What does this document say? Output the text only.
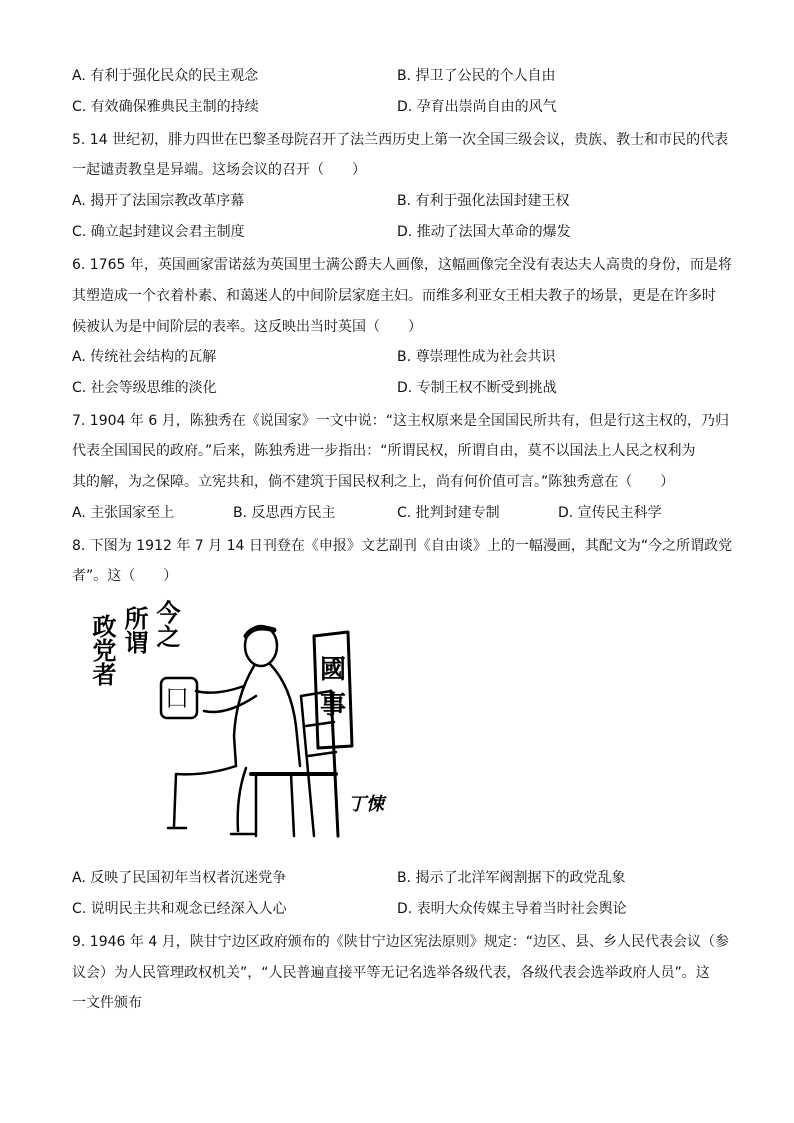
A. 有利于强化民众的民主观念	B. 捍卫了公民的个人自由
C. 有效确保雅典民主制的持续	D. 孕育出崇尚自由的风气
5. 14 世纪初，腓力四世在巴黎圣母院召开了法兰西历史上第一次全国三级会议，贵族、教士和市民的代表
一起谴责教皇是异端。这场会议的召开（　　）
A. 揭开了法国宗教改革序幕	B. 有利于强化法国封建王权
C. 确立起封建议会君主制度	D. 推动了法国大革命的爆发
6. 1765 年，英国画家雷诺兹为英国里士满公爵夫人画像，这幅画像完全没有表达夫人高贵的身份，而是将
其塑造成一个衣着朴素、和蔼迷人的中间阶层家庭主妇。而维多利亚女王相夫教子的场景，更是在许多时
候被认为是中间阶层的表率。这反映出当时英国（　　）
A. 传统社会结构的瓦解	B. 尊崇理性成为社会共识
C. 社会等级思维的淡化	D. 专制王权不断受到挑战
7. 1904 年 6 月，陈独秀在《说国家》一文中说：“这主权原来是全国国民所共有，但是行这主权的，乃归
代表全国国民的政府。”后来，陈独秀进一步指出：“所谓民权，所谓自由，莫不以国法上人民之权利为
其的解，为之保障。立宪共和，倘不建筑于国民权利之上，尚有何价值可言。”陈独秀意在（　　）
A. 主张国家至上	B. 反思西方民主	C. 批判封建专制	D. 宣传民主科学
8. 下图为 1912 年 7 月 14 日刊登在《申报》文艺副刊《自由谈》上的一幅漫画，其配文为“今之所谓政党
者”。这（　　）
今之
所谓
政党者
囗
國
事
丁悚
A. 反映了民国初年当权者沉迷党争	B. 揭示了北洋军阀割据下的政党乱象
C. 说明民主共和观念已经深入人心	D. 表明大众传媒主导着当时社会舆论
9. 1946 年 4 月，陕甘宁边区政府颁布的《陕甘宁边区宪法原则》规定：“边区、县、乡人民代表会议（参
议会）为人民管理政权机关”，“人民普遍直接平等无记名选举各级代表，各级代表会选举政府人员”。这
一文件颁布
